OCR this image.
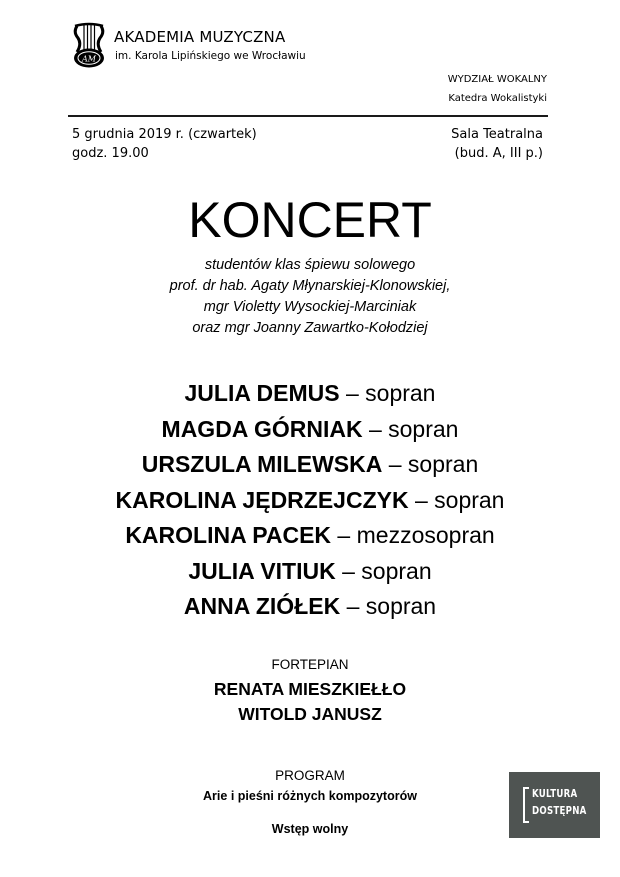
AM
AKADEMIA MUZYCZNA
im. Karola Lipińskiego we Wrocławiu
WYDZIAŁ WOKALNY
Katedra Wokalistyki
5 grudnia 2019 r. (czwartek)
godz. 19.00
Sala Teatralna
(bud. A, III p.)
KONCERT
studentów klas śpiewu solowego
prof. dr hab. Agaty Młynarskiej-Klonowskiej,
mgr Violetty Wysockiej-Marciniak
oraz mgr Joanny Zawartko-Kołodziej
JULIA DEMUS – sopran
MAGDA GÓRNIAK – sopran
URSZULA MILEWSKA – sopran
KAROLINA JĘDRZEJCZYK – sopran
KAROLINA PACEK – mezzosopran
JULIA VITIUK – sopran
ANNA ZIÓŁEK – sopran
FORTEPIAN
RENATA MIESZKIEŁŁO
WITOLD JANUSZ
PROGRAM
Arie i pieśni różnych kompozytorów
Wstęp wolny
KULTURA
DOSTĘPNA
